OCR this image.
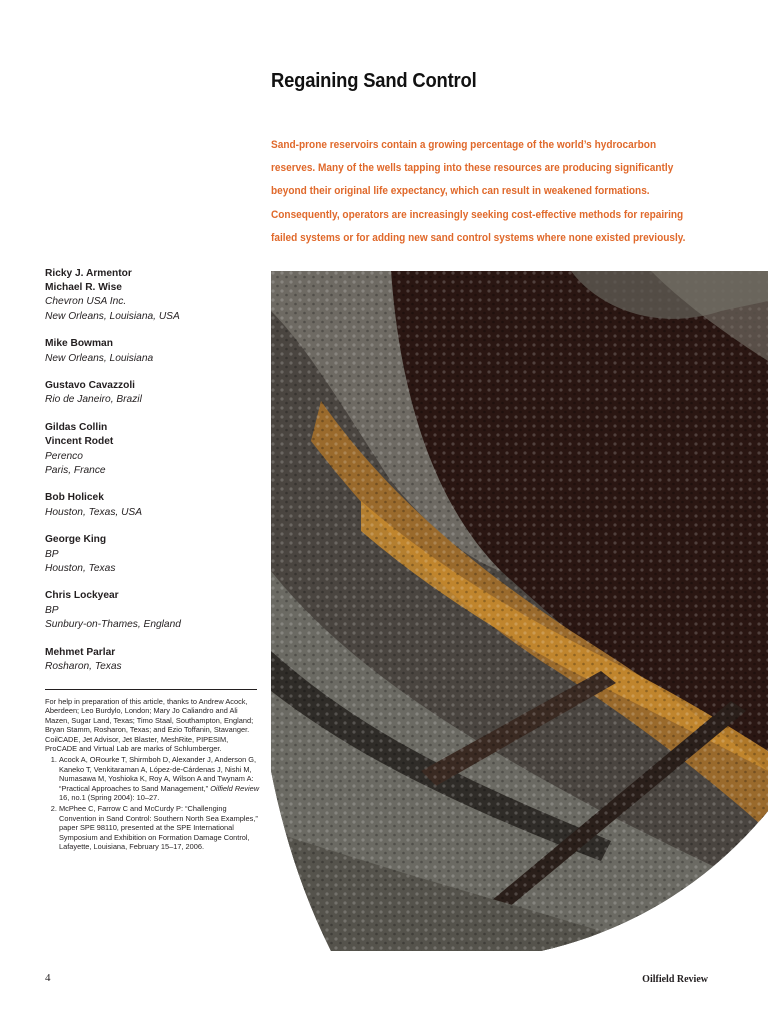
Regaining Sand Control
Sand-prone reservoirs contain a growing percentage of the world’s hydrocarbon
reserves. Many of the wells tapping into these resources are producing significantly
beyond their original life expectancy, which can result in weakened formations.
Consequently, operators are increasingly seeking cost-effective methods for repairing
failed systems or for adding new sand control systems where none existed previously.
Ricky J. Armentor
Michael R. Wise
Chevron USA Inc.
New Orleans, Louisiana, USA
Mike Bowman
New Orleans, Louisiana
Gustavo Cavazzoli
Rio de Janeiro, Brazil
Gildas Collin
Vincent Rodet
Perenco
Paris, France
Bob Holicek
Houston, Texas, USA
George King
BP
Houston, Texas
Chris Lockyear
BP
Sunbury-on-Thames, England
Mehmet Parlar
Rosharon, Texas

For help in preparation of this article, thanks to Andrew Acock, Aberdeen; Leo Burdylo, London; Mary Jo Caliandro and Ali Mazen, Sugar Land, Texas; Timo Staal, Southampton, England; Bryan Stamm, Rosharon, Texas; and Ezio Toffanin, Stavanger.

CoilCADE, Jet Advisor, Jet Blaster, MeshRite, PIPESIM, ProCADE and Virtual Lab are marks of Schlumberger.

1. Acock A, ORourke T, Shirmboh D, Alexander J, Anderson G, Kaneko T, Venkitaraman A, López-de-Cárdenas J, Nishi M, Numasawa M, Yoshioka K, Roy A, Wilson A and Twynam A: “Practical Approaches to Sand Management,” Oilfield Review 16, no.1 (Spring 2004): 10–27.
2. McPhee C, Farrow C and McCurdy P: “Challenging Convention in Sand Control: Southern North Sea Examples,” paper SPE 98110, presented at the SPE International Symposium and Exhibition on Formation Damage Control, Lafayette, Louisiana, February 15–17, 2006.
4	Oilfield Review
